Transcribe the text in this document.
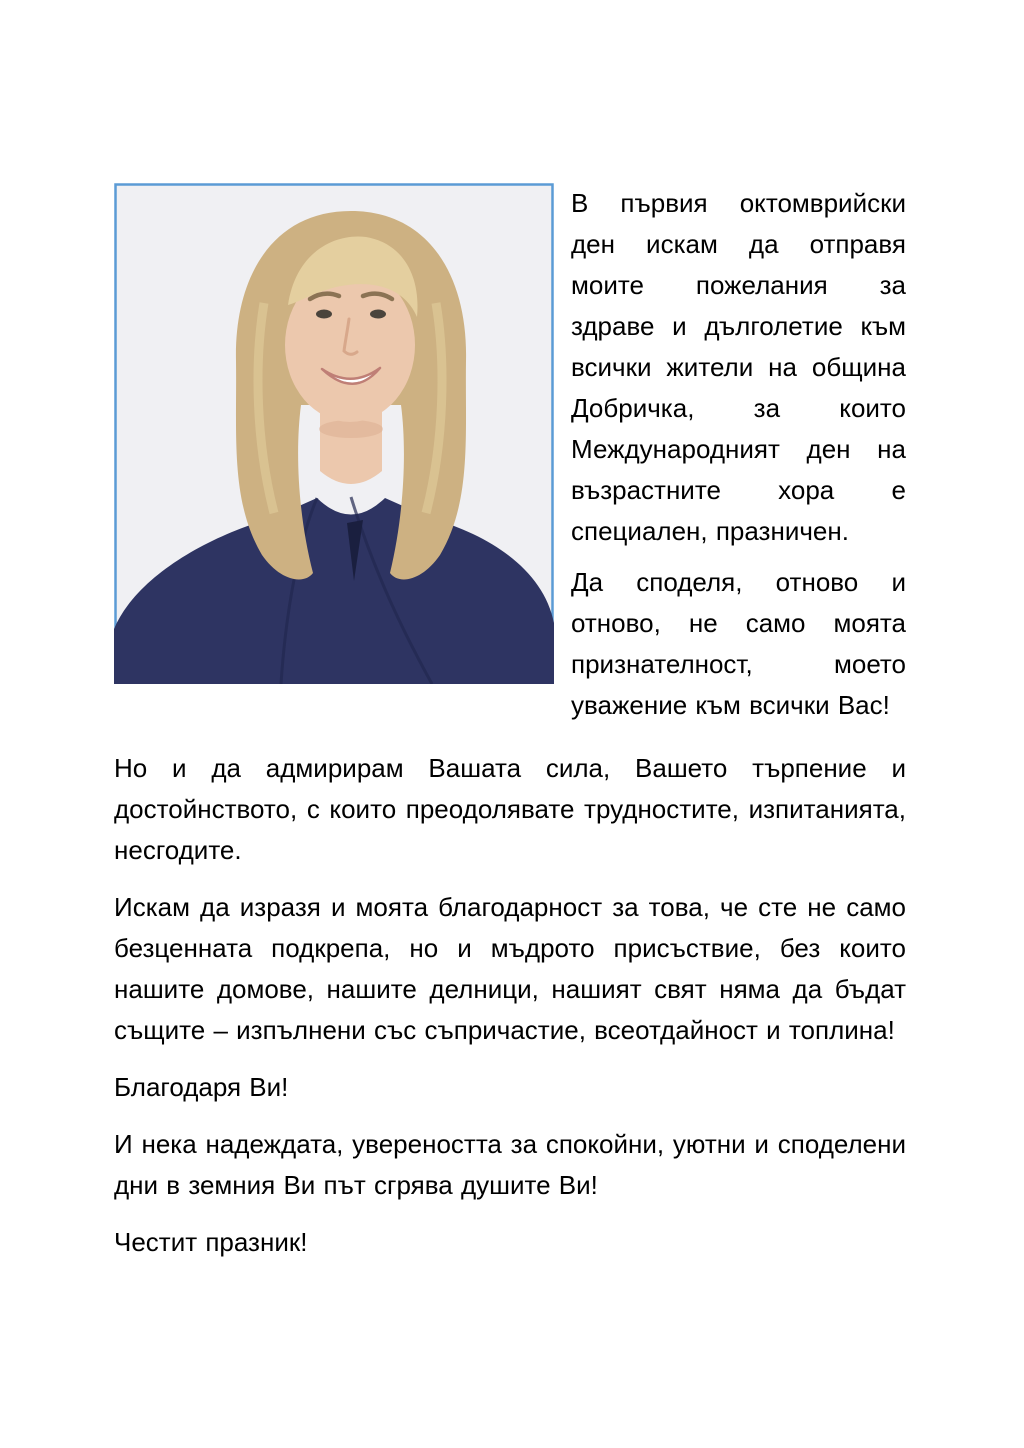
В първия октомврийски ден искам да отправя моите пожелания за здраве и дълголетие към всички жители на община Добричка, за които Международният ден на възрастните хора е специален, празничен.

Да споделя, отново и отново, не само моята признателност, моето уважение към всички Вас!

Но и да адмирирам Вашата сила, Вашето търпение и достойнството, с които преодолявате трудностите, изпитанията, несгодите.

Искам да изразя и моята благодарност за това, че сте не само безценната подкрепа, но и мъдрото присъствие, без които нашите домове, нашите делници, нашият свят няма да бъдат същите – изпълнени със съпричастие, всеотдайност и топлина!

Благодаря Ви!

И нека надеждата, увереността за спокойни, уютни и споделени дни в земния Ви път сгрява душите Ви!

Честит празник!
